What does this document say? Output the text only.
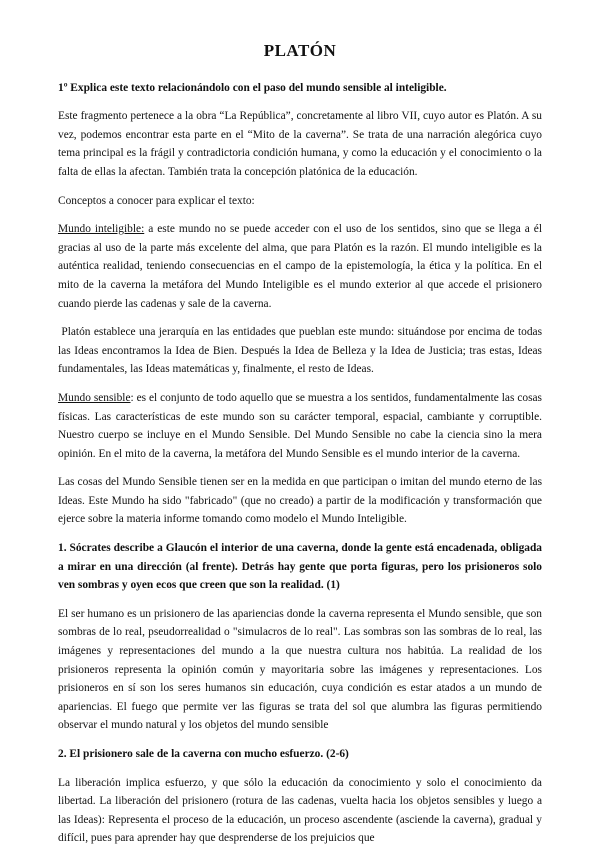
PLATÓN

1º Explica este texto relacionándolo con el paso del mundo sensible al inteligible.

Este fragmento pertenece a la obra “La República”, concretamente al libro VII, cuyo autor es Platón. A su vez, podemos encontrar esta parte en el “Mito de la caverna”. Se trata de una narración alegórica cuyo tema principal es la frágil y contradictoria condición humana, y como la educación y el conocimiento o la falta de ellas la afectan. También trata la concepción platónica de la educación.

Conceptos a conocer para explicar el texto:

Mundo inteligible: a este mundo no se puede acceder con el uso de los sentidos, sino que se llega a él gracias al uso de la parte más excelente del alma, que para Platón es la razón. El mundo inteligible es la auténtica realidad, teniendo consecuencias en el campo de la epistemología, la ética y la política. En el mito de la caverna la metáfora del Mundo Inteligible es el mundo exterior al que accede el prisionero cuando pierde las cadenas y sale de la caverna.

Platón establece una jerarquía en las entidades que pueblan este mundo: situándose por encima de todas las Ideas encontramos la Idea de Bien. Después la Idea de Belleza y la Idea de Justicia; tras estas, Ideas fundamentales, las Ideas matemáticas y, finalmente, el resto de Ideas.

Mundo sensible: es el conjunto de todo aquello que se muestra a los sentidos, fundamentalmente las cosas físicas. Las características de este mundo son su carácter temporal, espacial, cambiante y corruptible. Nuestro cuerpo se incluye en el Mundo Sensible. Del Mundo Sensible no cabe la ciencia sino la mera opinión. En el mito de la caverna, la metáfora del Mundo Sensible es el mundo interior de la caverna.

Las cosas del Mundo Sensible tienen ser en la medida en que participan o imitan del mundo eterno de las Ideas. Este Mundo ha sido "fabricado" (que no creado) a partir de la modificación y transformación que ejerce sobre la materia informe tomando como modelo el Mundo Inteligible.

1. Sócrates describe a Glaucón el interior de una caverna, donde la gente está encadenada, obligada a mirar en una dirección (al frente). Detrás hay gente que porta figuras, pero los prisioneros solo ven sombras y oyen ecos que creen que son la realidad. (1)

El ser humano es un prisionero de las apariencias donde la caverna representa el Mundo sensible, que son sombras de lo real, pseudorrealidad o "simulacros de lo real". Las sombras son las sombras de lo real, las imágenes y representaciones del mundo a la que nuestra cultura nos habitúa. La realidad de los prisioneros representa la opinión común y mayoritaria sobre las imágenes y representaciones. Los prisioneros en sí son los seres humanos sin educación, cuya condición es estar atados a un mundo de apariencias. El fuego que permite ver las figuras se trata del sol que alumbra las figuras permitiendo observar el mundo natural y los objetos del mundo sensible

2. El prisionero sale de la caverna con mucho esfuerzo. (2-6)

La liberación implica esfuerzo, y que sólo la educación da conocimiento y solo el conocimiento da libertad. La liberación del prisionero (rotura de las cadenas, vuelta hacia los objetos sensibles y luego a las Ideas): Representa el proceso de la educación, un proceso ascendente (asciende la caverna), gradual y difícil, pues para aprender hay que desprenderse de los prejuicios que
